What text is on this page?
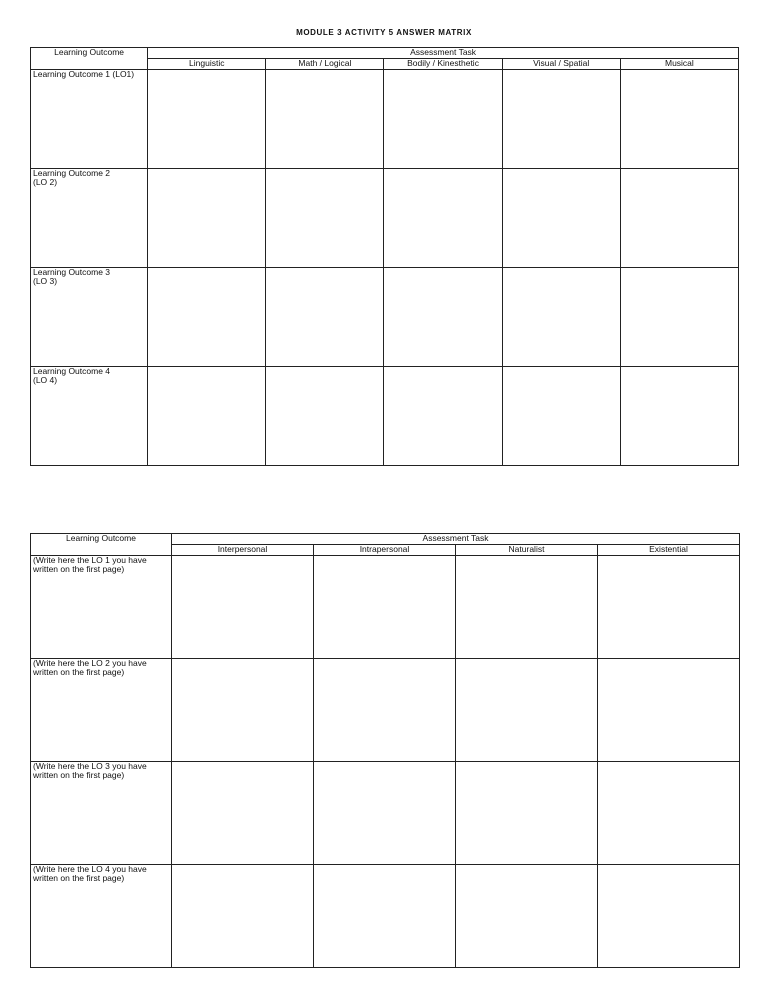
MODULE 3 ACTIVITY 5 ANSWER MATRIX
Learning Outcome	Assessment Task				
	Linguistic	Math / Logical	Bodily / Kinesthetic	Visual / Spatial	Musical
Learning Outcome 1 (LO1)					
Learning Outcome 2
(LO 2)					
Learning Outcome 3
(LO 3)					
Learning Outcome 4
(LO 4)					
Learning Outcome	Assessment Task			
	Interpersonal	Intrapersonal	Naturalist	Existential
(Write here the LO 1 you have
written on the first page)				
(Write here the LO 2 you have
written on the first page)				
(Write here the LO 3 you have
written on the first page)				
(Write here the LO 4 you have
written on the first page)				
